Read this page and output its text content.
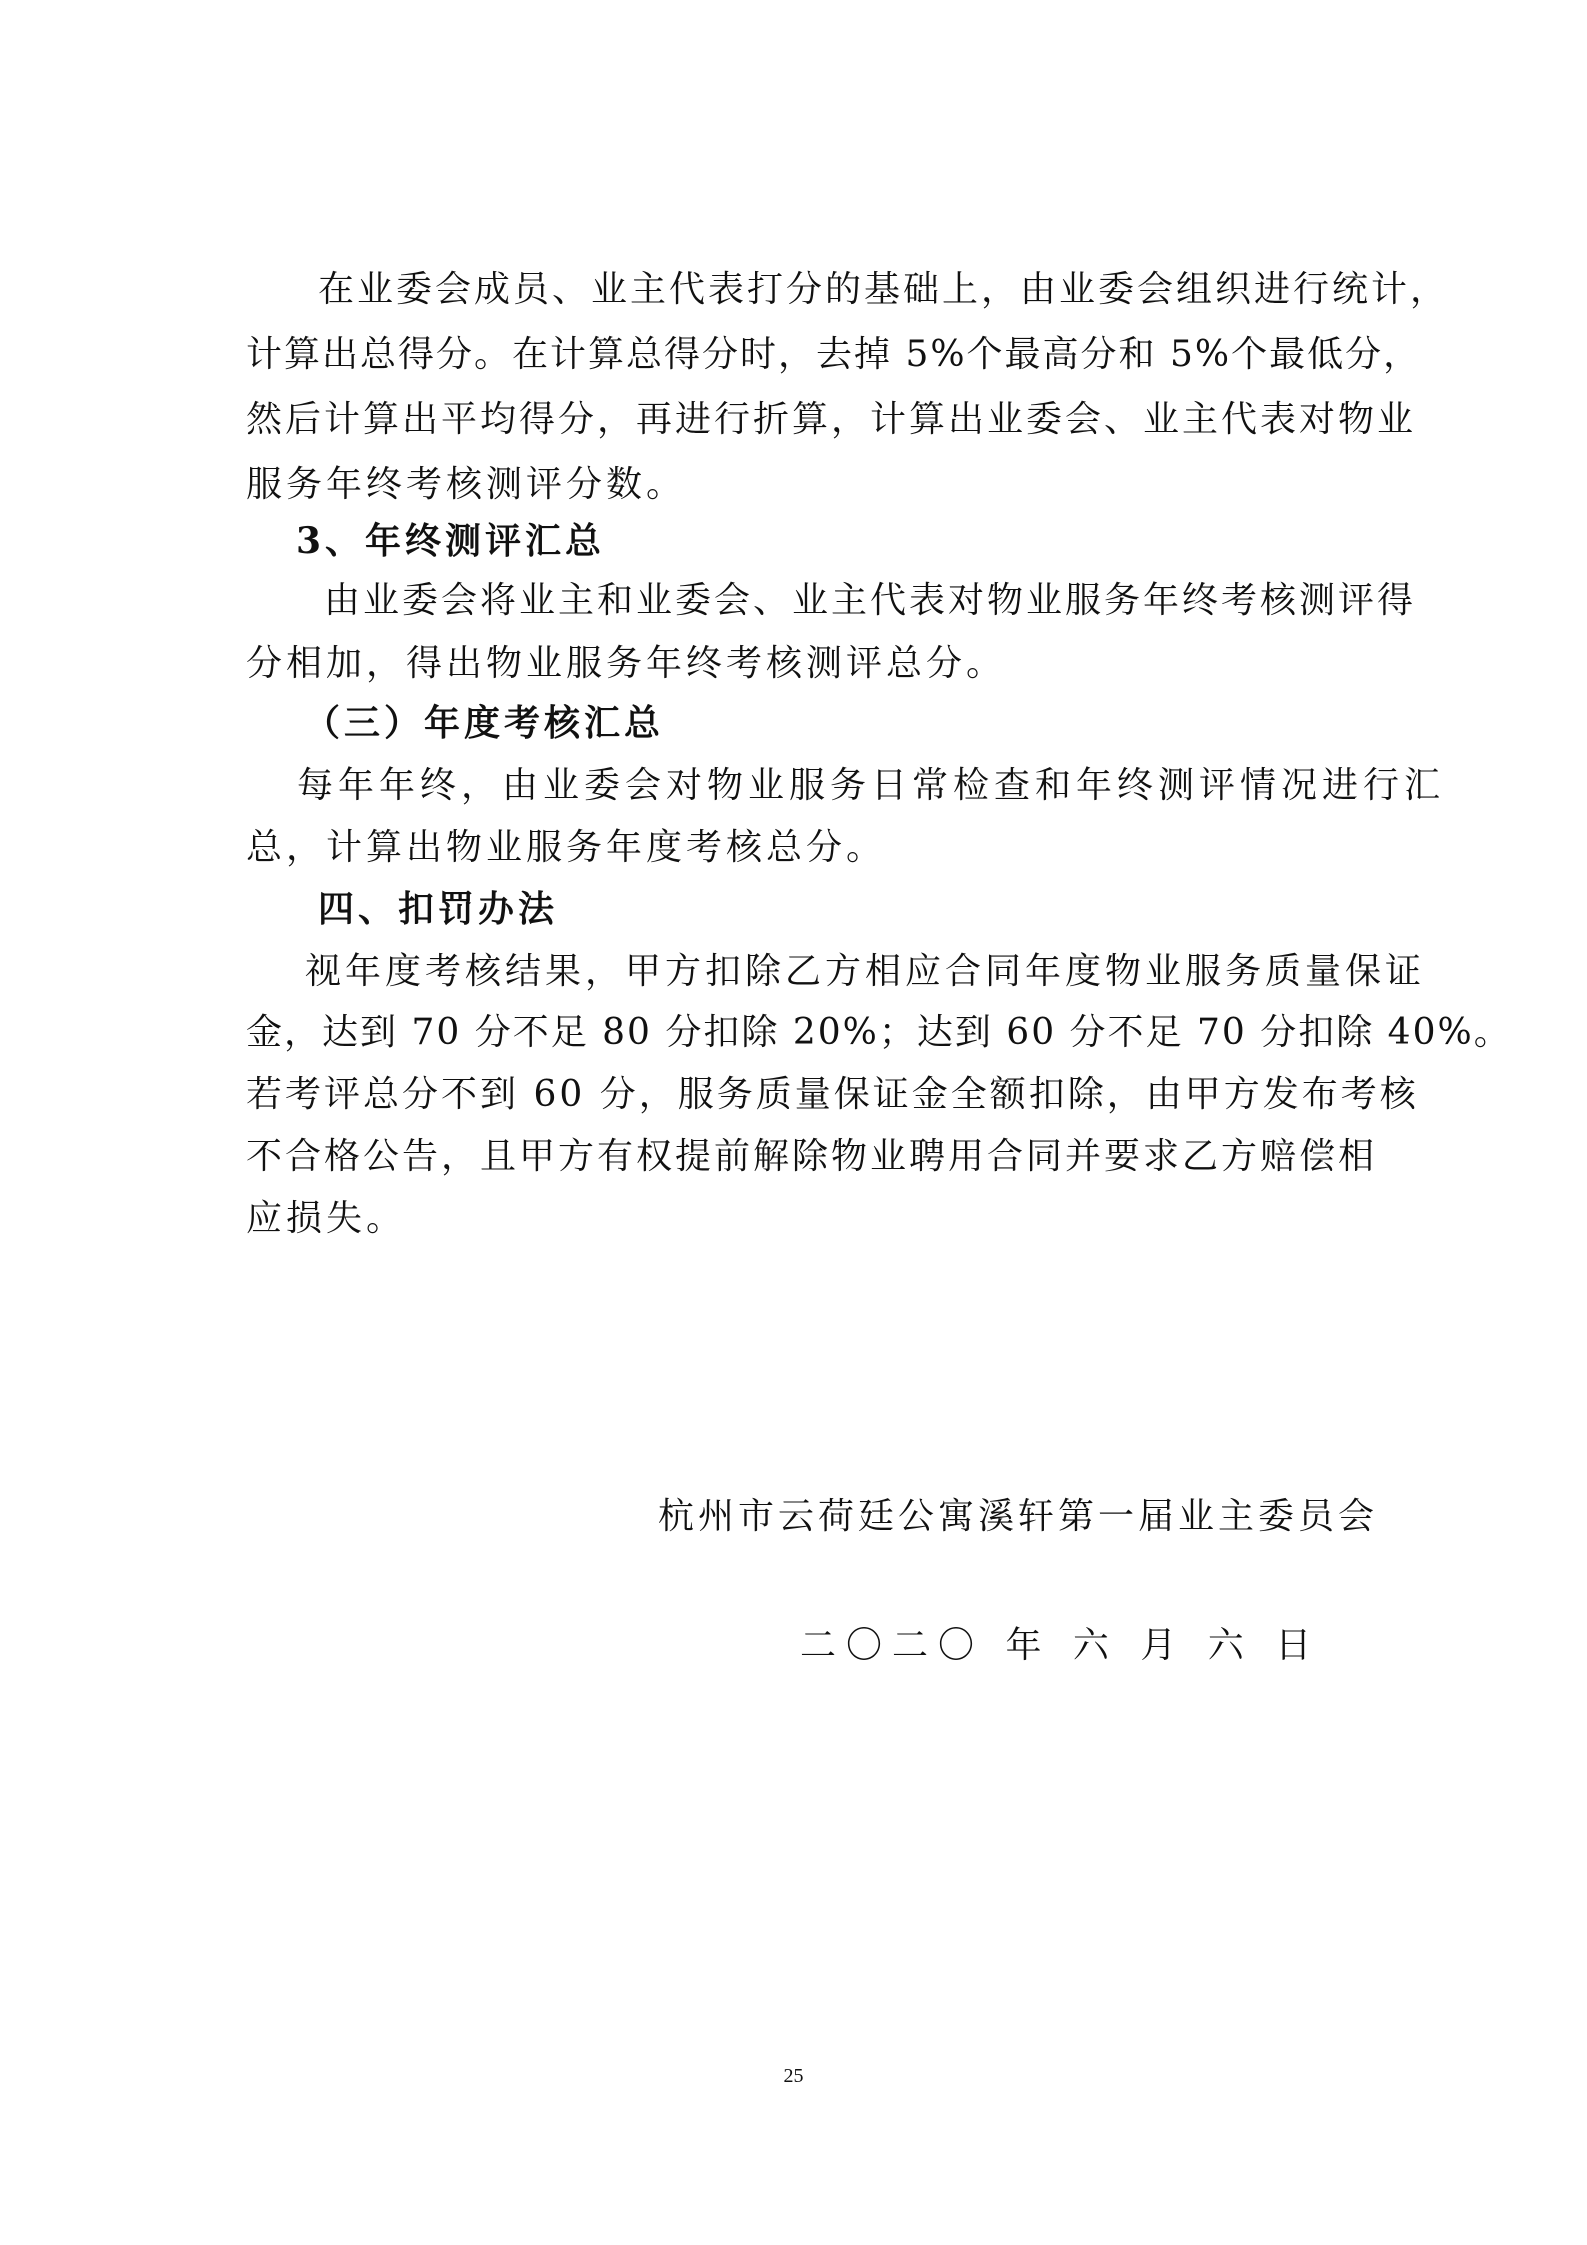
在业委会成员、业主代表打分的基础上，由业委会组织进行统计，
计算出总得分。在计算总得分时，去掉 5%个最高分和 5%个最低分，
然后计算出平均得分，再进行折算，计算出业委会、业主代表对物业
服务年终考核测评分数。
3、年终测评汇总
由业委会将业主和业委会、业主代表对物业服务年终考核测评得
分相加，得出物业服务年终考核测评总分。
（三）年度考核汇总
每年年终，由业委会对物业服务日常检查和年终测评情况进行汇
总，计算出物业服务年度考核总分。
四、扣罚办法
视年度考核结果，甲方扣除乙方相应合同年度物业服务质量保证
金，达到 70 分不足 80 分扣除 20%；达到 60 分不足 70 分扣除 40%。
若考评总分不到 60 分，服务质量保证金全额扣除，由甲方发布考核
不合格公告，且甲方有权提前解除物业聘用合同并要求乙方赔偿相
应损失。
杭州市云荷廷公寓溪轩第一届业主委员会
二〇二〇 年 六 月 六 日
25
